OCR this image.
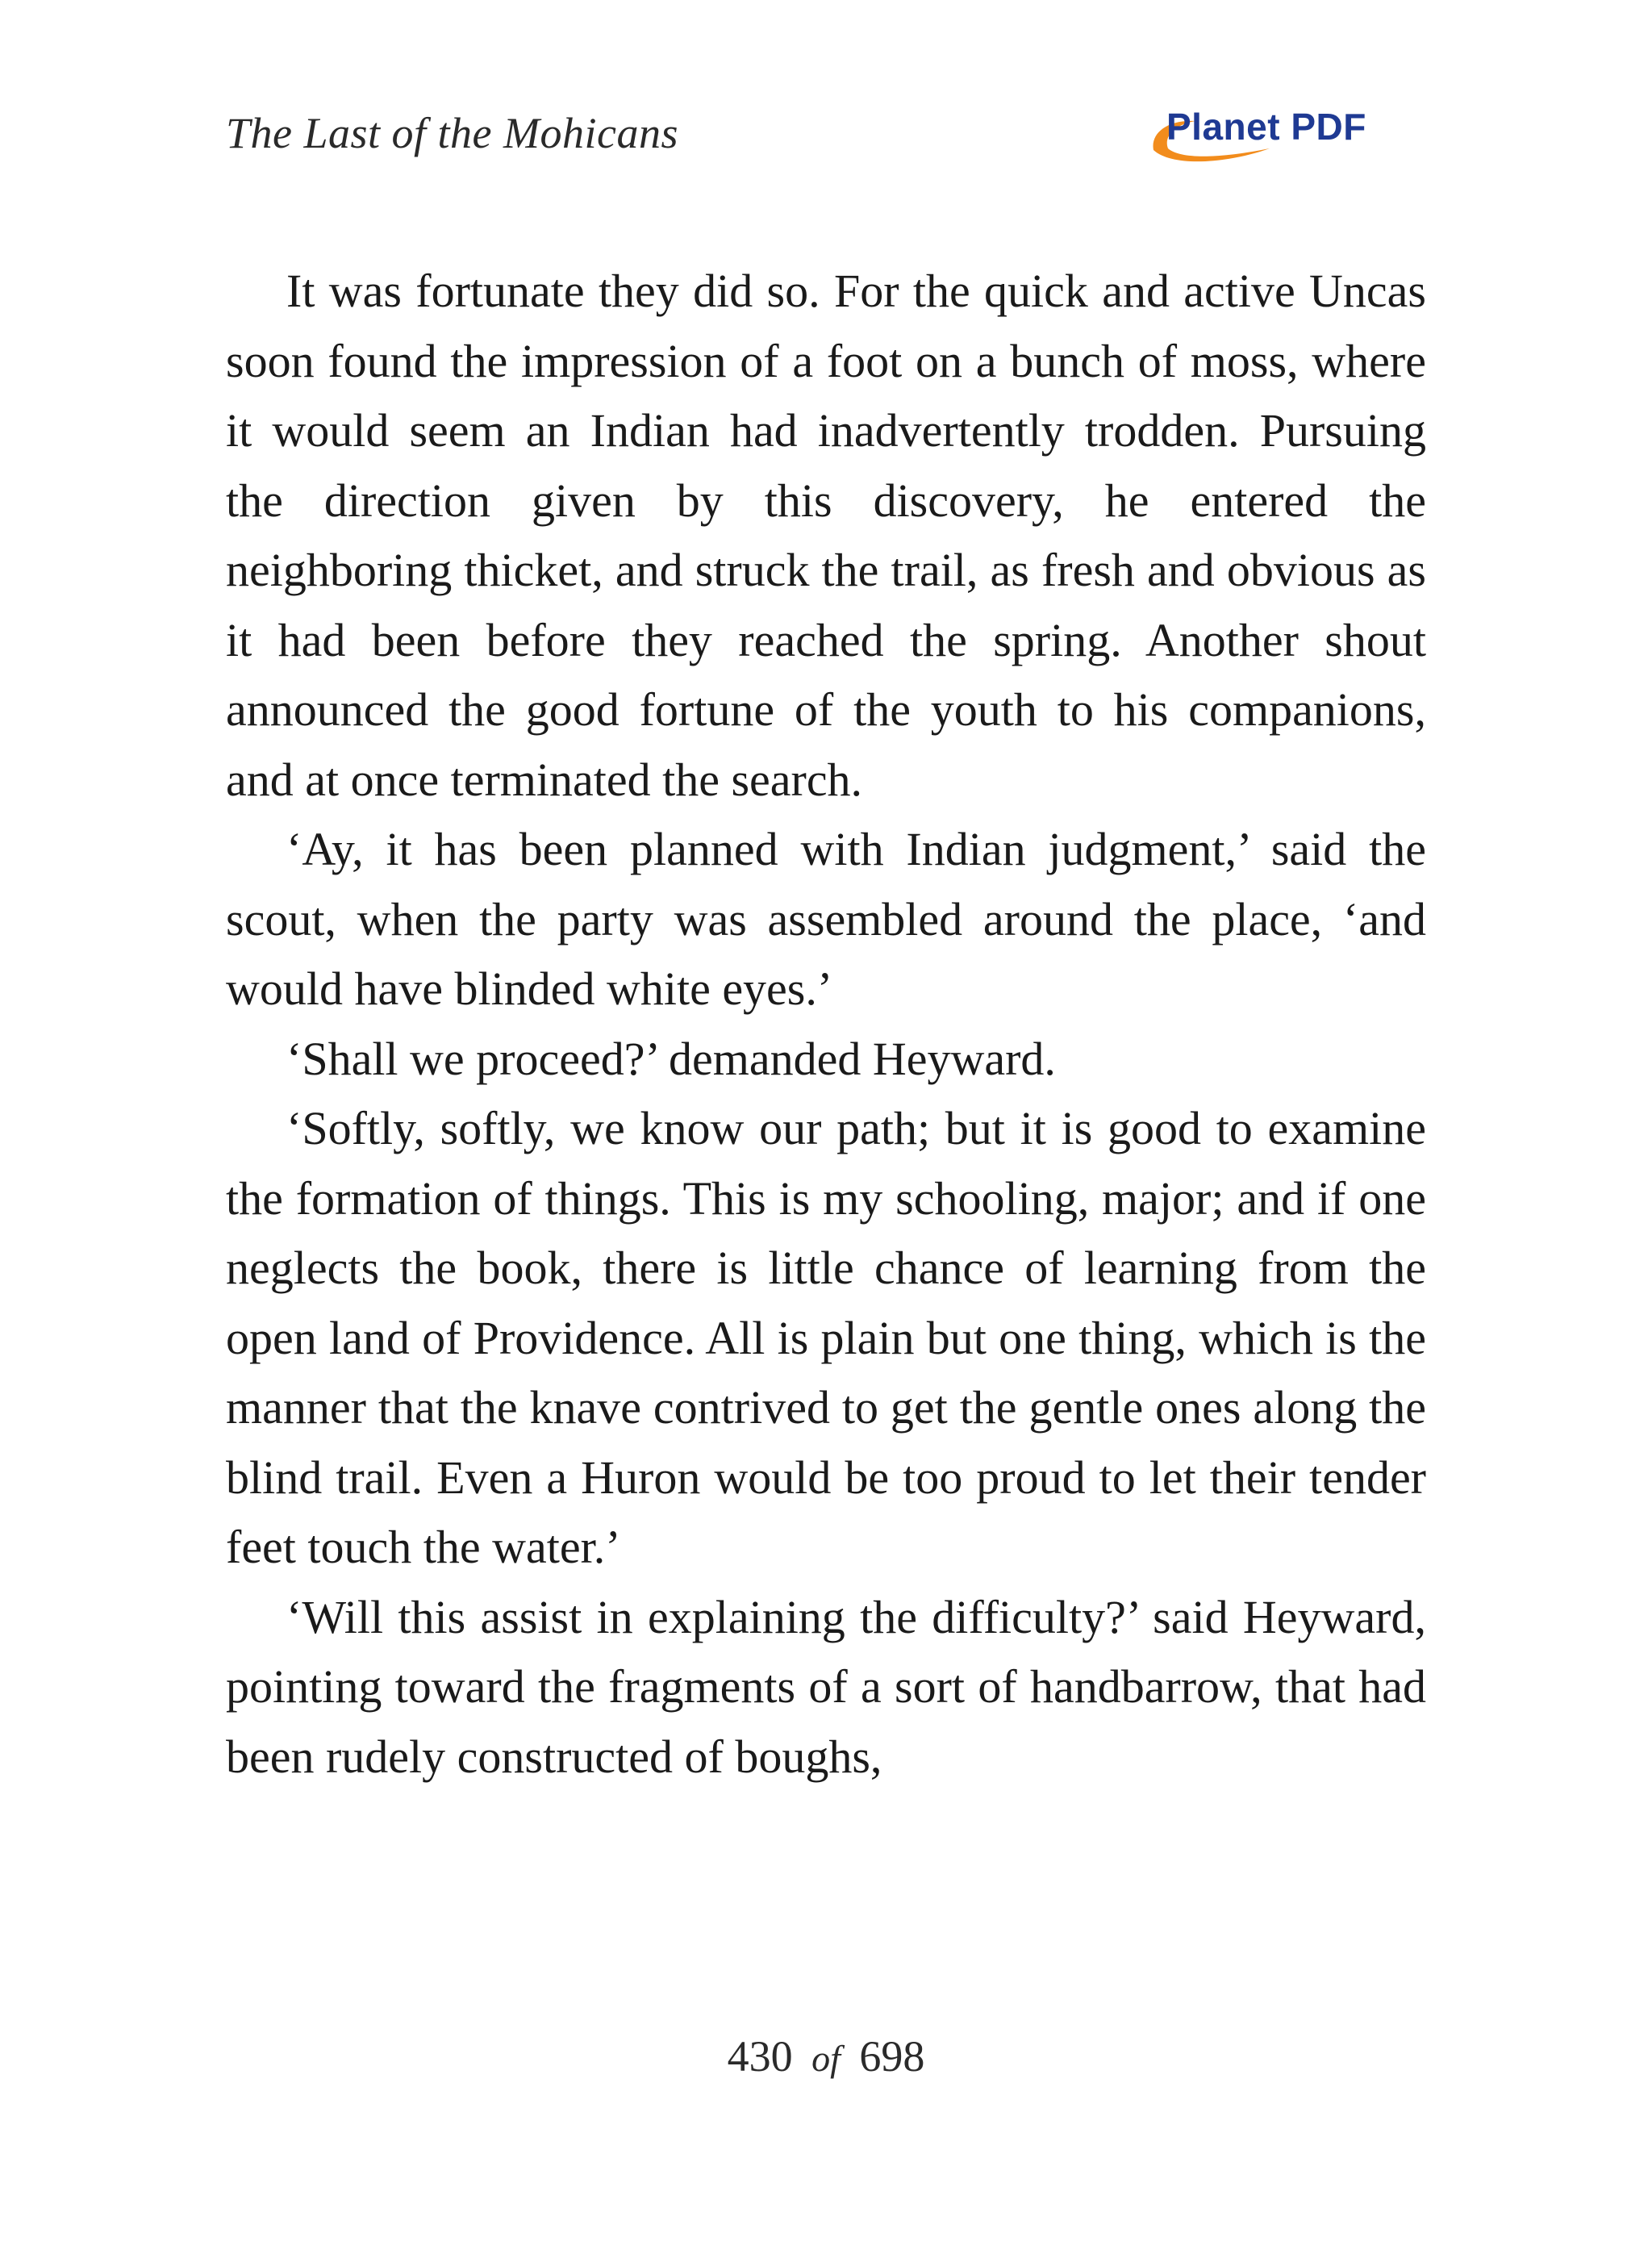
The Last of the Mohicans	Planet PDF

It was fortunate they did so. For the quick and active Uncas soon found the impression of a foot on a bunch of moss, where it would seem an Indian had inadvertently trodden. Pursuing the direction given by this discovery, he entered the neighboring thicket, and struck the trail, as fresh and obvious as it had been before they reached the spring. Another shout announced the good fortune of the youth to his companions, and at once terminated the search.

‘Ay, it has been planned with Indian judgment,’ said the scout, when the party was assembled around the place, ‘and would have blinded white eyes.’

‘Shall we proceed?’ demanded Heyward.

‘Softly, softly, we know our path; but it is good to examine the formation of things. This is my schooling, major; and if one neglects the book, there is little chance of learning from the open land of Providence. All is plain but one thing, which is the manner that the knave contrived to get the gentle ones along the blind trail. Even a Huron would be too proud to let their tender feet touch the water.’

‘Will this assist in explaining the difficulty?’ said Heyward, pointing toward the fragments of a sort of handbarrow, that had been rudely constructed of boughs,

430 of 698
